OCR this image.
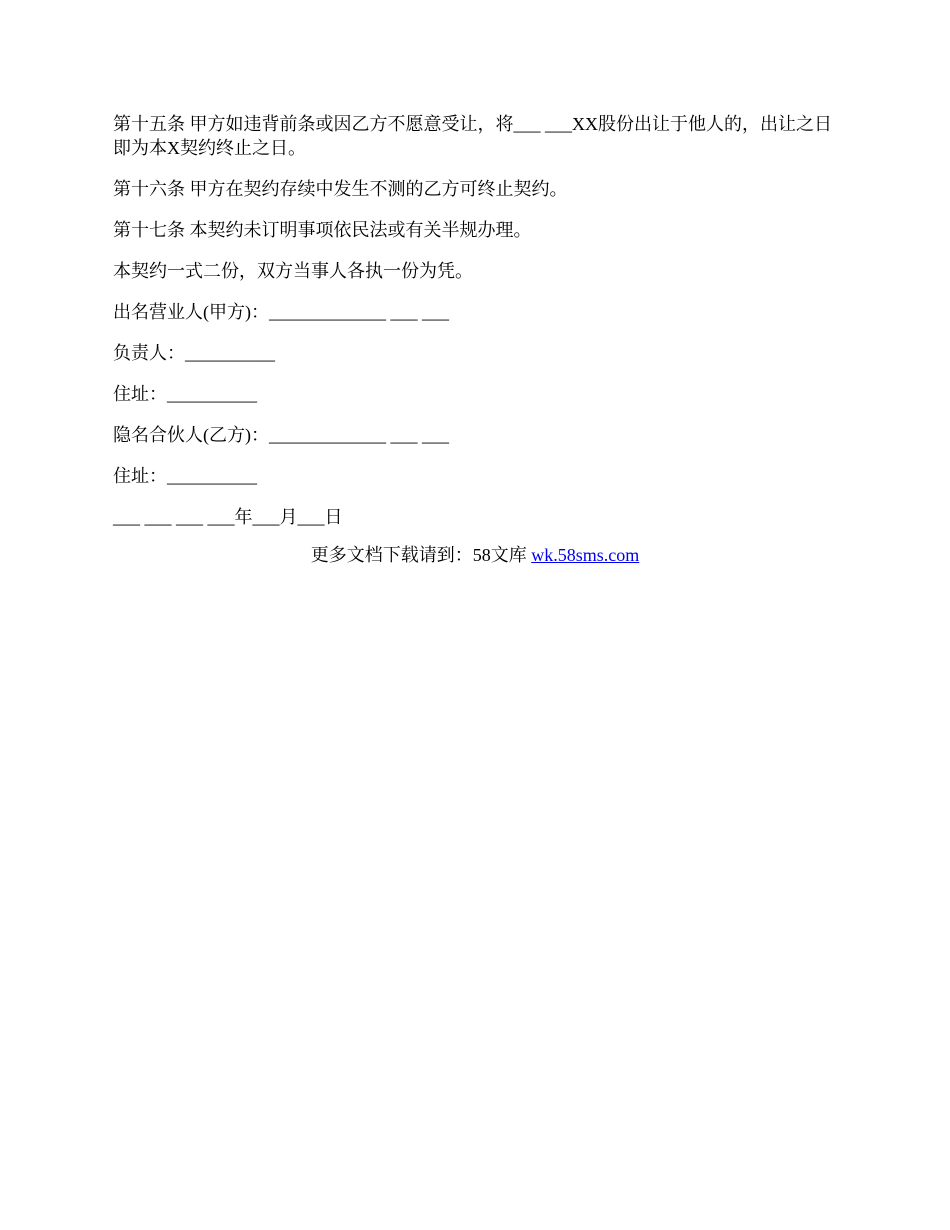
第十五条 甲方如违背前条或因乙方不愿意受让，将___ ___XX股份出让于他人的，出让之日即为本X契约终止之日。

第十六条 甲方在契约存续中发生不测的乙方可终止契约。

第十七条 本契约未订明事项依民法或有关半规办理。

本契约一式二份，双方当事人各执一份为凭。

出名营业人(甲方)：_____________ ___ ___

负责人：__________

住址：__________

隐名合伙人(乙方)：_____________ ___ ___

住址：__________

___ ___ ___ ___年___月___日

更多文档下载请到：58文库 wk.58sms.com
